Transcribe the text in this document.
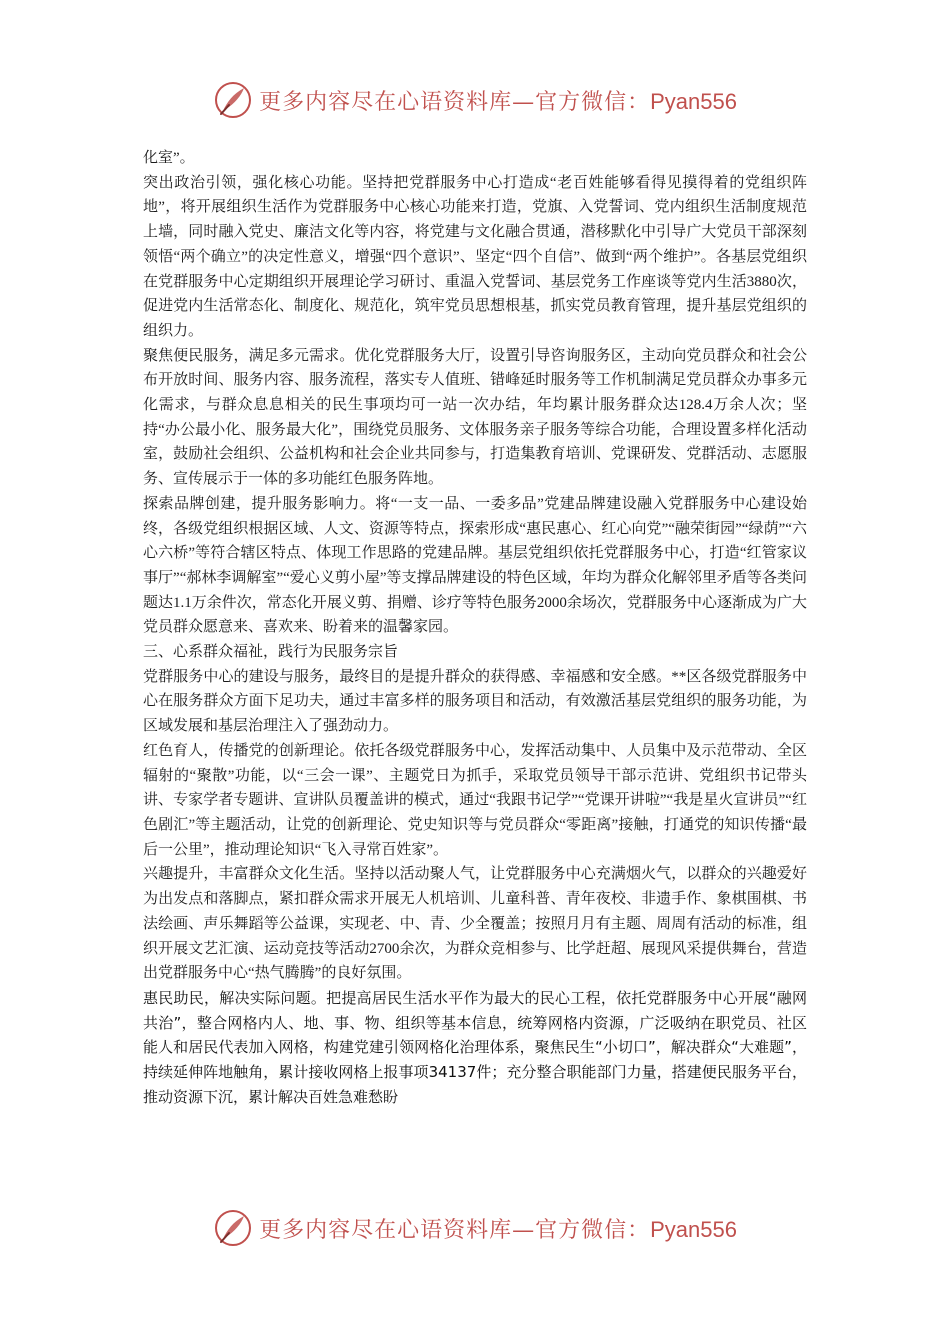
更多内容尽在心语资料库—官方微信：Pyan556

化室”。

突出政治引领，强化核心功能。坚持把党群服务中心打造成“老百姓能够看得见摸得着的党组织阵地”，将开展组织生活作为党群服务中心核心功能来打造，党旗、入党誓词、党内组织生活制度规范上墙，同时融入党史、廉洁文化等内容，将党建与文化融合贯通，潜移默化中引导广大党员干部深刻领悟“两个确立”的决定性意义，增强“四个意识”、坚定“四个自信”、做到“两个维护”。各基层党组织在党群服务中心定期组织开展理论学习研讨、重温入党誓词、基层党务工作座谈等党内生活3880次，促进党内生活常态化、制度化、规范化，筑牢党员思想根基，抓实党员教育管理，提升基层党组织的组织力。

聚焦便民服务，满足多元需求。优化党群服务大厅，设置引导咨询服务区，主动向党员群众和社会公布开放时间、服务内容、服务流程，落实专人值班、错峰延时服务等工作机制满足党员群众办事多元化需求，与群众息息相关的民生事项均可一站一次办结，年均累计服务群众达128.4万余人次；坚持“办公最小化、服务最大化”，围绕党员服务、文体服务亲子服务等综合功能，合理设置多样化活动室，鼓励社会组织、公益机构和社会企业共同参与，打造集教育培训、党课研发、党群活动、志愿服务、宣传展示于一体的多功能红色服务阵地。

探索品牌创建，提升服务影响力。将“一支一品、一委多品”党建品牌建设融入党群服务中心建设始终，各级党组织根据区域、人文、资源等特点，探索形成“惠民惠心、红心向党”“融荣街园”“绿荫”“六心六桥”等符合辖区特点、体现工作思路的党建品牌。基层党组织依托党群服务中心，打造“红管家议事厅”“郝林李调解室”“爱心义剪小屋”等支撑品牌建设的特色区域，年均为群众化解邻里矛盾等各类问题达1.1万余件次，常态化开展义剪、捐赠、诊疗等特色服务2000余场次，党群服务中心逐渐成为广大党员群众愿意来、喜欢来、盼着来的温馨家园。

三、心系群众福祉，践行为民服务宗旨

党群服务中心的建设与服务，最终目的是提升群众的获得感、幸福感和安全感。**区各级党群服务中心在服务群众方面下足功夫，通过丰富多样的服务项目和活动，有效激活基层党组织的服务功能，为区域发展和基层治理注入了强劲动力。

红色育人，传播党的创新理论。依托各级党群服务中心，发挥活动集中、人员集中及示范带动、全区辐射的“聚散”功能，以“三会一课”、主题党日为抓手，采取党员领导干部示范讲、党组织书记带头讲、专家学者专题讲、宣讲队员覆盖讲的模式，通过“我跟书记学”“党课开讲啦”“我是星火宣讲员”“红色剧汇”等主题活动，让党的创新理论、党史知识等与党员群众“零距离”接触，打通党的知识传播“最后一公里”，推动理论知识“飞入寻常百姓家”。

兴趣提升，丰富群众文化生活。坚持以活动聚人气，让党群服务中心充满烟火气，以群众的兴趣爱好为出发点和落脚点，紧扣群众需求开展无人机培训、儿童科普、青年夜校、非遗手作、象棋围棋、书法绘画、声乐舞蹈等公益课，实现老、中、青、少全覆盖；按照月月有主题、周周有活动的标准，组织开展文艺汇演、运动竞技等活动2700余次，为群众竞相参与、比学赶超、展现风采提供舞台，营造出党群服务中心“热气腾腾”的良好氛围。

惠民助民，解决实际问题。把提高居民生活水平作为最大的民心工程，依托党群服务中心开展“融网共治”，整合网格内人、地、事、物、组织等基本信息，统筹网格内资源，广泛吸纳在职党员、社区能人和居民代表加入网格，构建党建引领网格化治理体系，聚焦民生“小切口”，解决群众“大难题”，持续延伸阵地触角，累计接收网格上报事项34137件；充分整合职能部门力量，搭建便民服务平台，推动资源下沉，累计解决百姓急难愁盼

更多内容尽在心语资料库—官方微信：Pyan556
